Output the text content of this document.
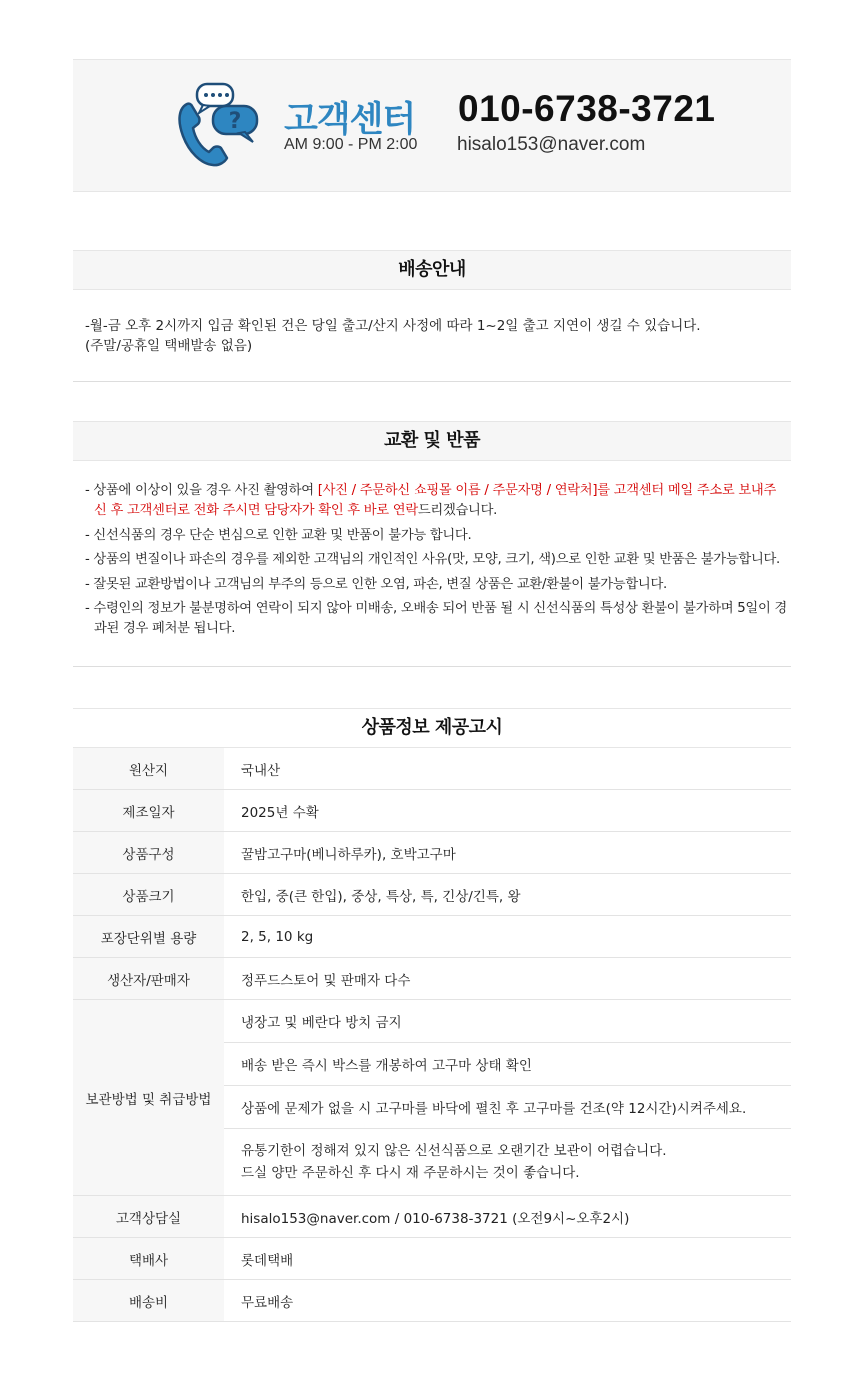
? 고객센터
AM 9:00 - PM 2:00
010-6738-3721
hisalo153@naver.com
배송안내

-월-금 오후 2시까지 입금 확인된 건은 당일 출고/산지 사정에 따라 1~2일 출고 지연이 생길 수 있습니다.

(주말/공휴일 택배발송 없음)

교환 및 반품
- 상품에 이상이 있을 경우 사진 촬영하여 [사진 / 주문하신 쇼핑몰 이름 / 주문자명 / 연락처]를 고객센터 메일 주소로 보내주신 후 고객센터로 전화 주시면 담당자가 확인 후 바로 연락드리겠습니다.
- 신선식품의 경우 단순 변심으로 인한 교환 및 반품이 불가능 합니다.
- 상품의 변질이나 파손의 경우를 제외한 고객님의 개인적인 사유(맛, 모양, 크기, 색)으로 인한 교환 및 반품은 불가능합니다.
- 잘못된 교환방법이나 고객님의 부주의 등으로 인한 오염, 파손, 변질 상품은 교환/환불이 불가능합니다.
- 수령인의 정보가 불분명하여 연락이 되지 않아 미배송, 오배송 되어 반품 될 시 신선식품의 특성상 환불이 불가하며 5일이 경과된 경우 폐처분 됩니다.
상품정보 제공고시
원산지	국내산
제조일자	2025년 수확
상품구성	꿀밤고구마(베니하루카), 호박고구마
상품크기	한입, 중(큰 한입), 중상, 특상, 특, 긴상/긴특, 왕
포장단위별 용량	2, 5, 10 kg
생산자/판매자	정푸드스토어 및 판매자 다수
보관방법 및 취급방법	냉장고 및 베란다 방치 금지
	배송 받은 즉시 박스를 개봉하여 고구마 상태 확인
	상품에 문제가 없을 시 고구마를 바닥에 펼친 후 고구마를 건조(약 12시간)시켜주세요.
	유통기한이 정해져 있지 않은 신선식품으로 오랜기간 보관이 어렵습니다.
드실 양만 주문하신 후 다시 재 주문하시는 것이 좋습니다.
고객상담실	hisalo153@naver.com / 010-6738-3721 (오전9시~오후2시)
택배사	롯데택배
배송비	무료배송
